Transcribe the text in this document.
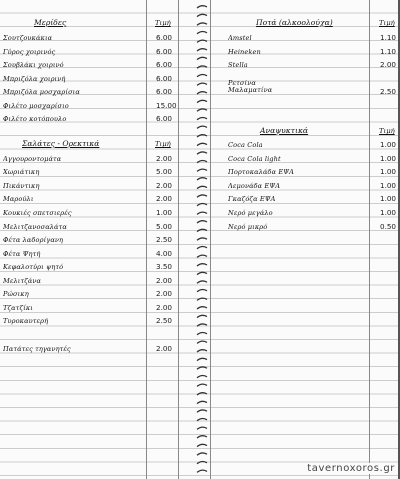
Μερίδες	Τιμή
Σουτζουκάκια	6.00
Γύρος χοιρινός	6.00
Σουβλάκι χοιρινό	6.00
Μπριζόλα χοιρινή	6.00
Μπριζόλα μοσχαρίσια	6.00
Φιλέτο μοσχαρίσιο	15.00
Φιλέτο κοτόπουλο	6.00
Σαλάτες - Ορεκτικά	Τιμή
Αγγουροντομάτα	2.00
Χωριάτικη	5.00
Πικάντικη	2.00
Μαρούλι	2.00
Κουκιές σπετσιερές	1.00
Μελιτζανοσαλάτα	5.00
Φέτα λαδορίγανη	2.50
Φέτα Ψητή	4.00
Κεφαλοτύρι ψητό	3.50
Μελιτζάνα	2.00
Ρώσικη	2.00
Τζατζίκι	2.00
Τυροκαυτερή	2.50
Πατάτες τηγανητές	2.00
Ποτά (αλκοολούχα)	Τιμή
Amstel	1.10
Heineken	1.10
Stella	2.00
Ρετσίνα Μαλαματίνα	2.50
Αναψυκτικά	Τιμή
Coca Cola	1.00
Coca Cola light	1.00
Πορτοκαλάδα ΕΨΑ	1.00
Λεμονάδα ΕΨΑ	1.00
Γκαζόζα ΕΨΑ	1.00
Νερό μεγάλο	1.00
Νερό μικρό	0.50
tavernoxoros.gr
